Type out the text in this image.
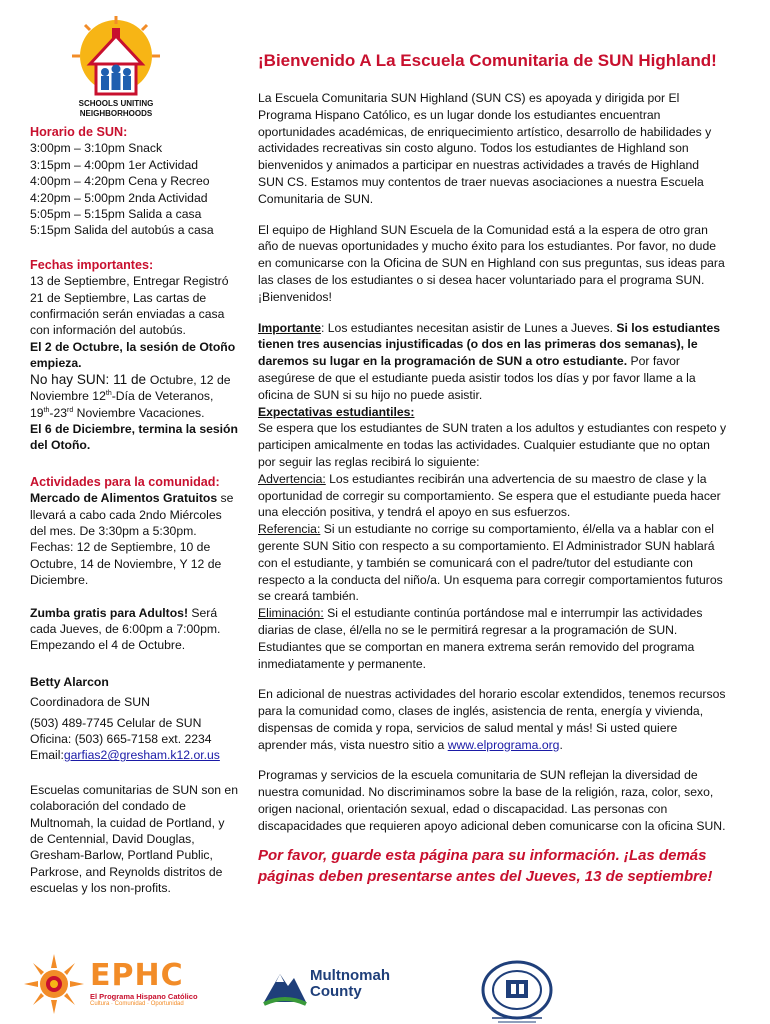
SCHOOLS UNITING
NEIGHBORHOODS
Horario de SUN:
3:00pm – 3:10pm Snack
3:15pm – 4:00pm 1er Actividad
4:00pm – 4:20pm Cena y Recreo
4:20pm – 5:00pm 2nda Actividad
5:05pm – 5:15pm Salida a casa
5:15pm Salida del autobús a casa
Fechas importantes:
13 de Septiembre, Entregar Registró 21 de Septiembre, Las cartas de confirmación serán enviadas a casa con información del autobús.
El 2 de Octubre, la sesión de Otoño empieza.
No hay SUN: 11 de Octubre, 12 de Noviembre 12th-Día de Veteranos, 19th-23rd Noviembre Vacaciones.
El 6 de Diciembre, termina la sesión del Otoño.
Actividades para la comunidad:
Mercado de Alimentos Gratuitos se llevará a cabo cada 2ndo Miércoles del mes. De 3:30pm a 5:30pm. Fechas: 12 de Septiembre, 10 de Octubre, 14 de Noviembre, Y 12 de Diciembre.
Zumba gratis para Adultos! Será cada Jueves, de 6:00pm a 7:00pm. Empezando el 4 de Octubre.
Betty Alarcon
Coordinadora de SUN
(503) 489-7745 Celular de SUN
Oficina: (503) 665-7158 ext. 2234
Email:garfias2@gresham.k12.or.us
Escuelas comunitarias de SUN son en colaboración del condado de Multnomah, la cuidad de Portland, y de Centennial, David Douglas, Gresham-Barlow, Portland Public, Parkrose, and Reynolds distritos de escuelas y los non-profits.
¡Bienvenido A La Escuela Comunitaria de SUN Highland!
La Escuela Comunitaria SUN Highland (SUN CS) es apoyada y dirigida por El Programa Hispano Católico, es un lugar donde los estudiantes encuentran oportunidades académicas, de enriquecimiento artístico, desarrollo de habilidades y actividades recreativas sin costo alguno. Todos los estudiantes de Highland son bienvenidos y animados a participar en nuestras actividades a través de Highland SUN CS. Estamos muy contentos de traer nuevas asociaciones a nuestra Escuela Comunitaria de SUN.
El equipo de Highland SUN Escuela de la Comunidad está a la espera de otro gran año de nuevas oportunidades y mucho éxito para los estudiantes. Por favor, no dude en comunicarse con la Oficina de SUN en Highland con sus preguntas, sus ideas para las clases de los estudiantes o si desea hacer voluntariado para el programa SUN. ¡Bienvenidos!
Importante: Los estudiantes necesitan asistir de Lunes a Jueves. Si los estudiantes tienen tres ausencias injustificadas (o dos en las primeras dos semanas), le daremos su lugar en la programación de SUN a otro estudiante. Por favor asegúrese de que el estudiante pueda asistir todos los días y por favor llame a la oficina de SUN si su hijo no puede asistir.
Expectativas estudiantiles:
Se espera que los estudiantes de SUN traten a los adultos y estudiantes con respeto y participen amicalmente en todas las actividades. Cualquier estudiante que no optan por seguir las reglas recibirá lo siguiente:
Advertencia: Los estudiantes recibirán una advertencia de su maestro de clase y la oportunidad de corregir su comportamiento. Se espera que el estudiante pueda hacer una elección positiva, y tendrá el apoyo en sus esfuerzos.
Referencia: Si un estudiante no corrige su comportamiento, él/ella va a hablar con el gerente SUN Sitio con respecto a su comportamiento. El Administrador SUN hablará con el estudiante, y también se comunicará con el padre/tutor del estudiante con respecto a la conducta del niño/a. Un esquema para corregir comportamientos futuros se creará también.
Eliminación: Si el estudiante continúa portándose mal e interrumpir las actividades diarias de clase, él/ella no se le permitirá regresar a la programación de SUN. Estudiantes que se comportan en manera extrema serán removido del programa inmediatamente y permanente.
En adicional de nuestras actividades del horario escolar extendidos, tenemos recursos para la comunidad como, clases de inglés, asistencia de renta, energía y vivienda, dispensas de comida y ropa, servicios de salud mental y más! Si usted quiere aprender más, vista nuestro sitio a www.elprograma.org.
Programas y servicios de la escuela comunitaria de SUN reflejan la diversidad de nuestra comunidad. No discriminamos sobre la base de la religión, raza, color, sexo, origen nacional, orientación sexual, edad o discapacidad. Las personas con discapacidades que requieren apoyo adicional deben comunicarse con la oficina SUN.
Por favor, guarde esta página para su información. ¡Las demás páginas deben presentarse antes del Jueves, 13 de septiembre!
EPHC
El Programa Hispano Católico
Cultura · Comunidad · Oportunidad
Multnomah
County
